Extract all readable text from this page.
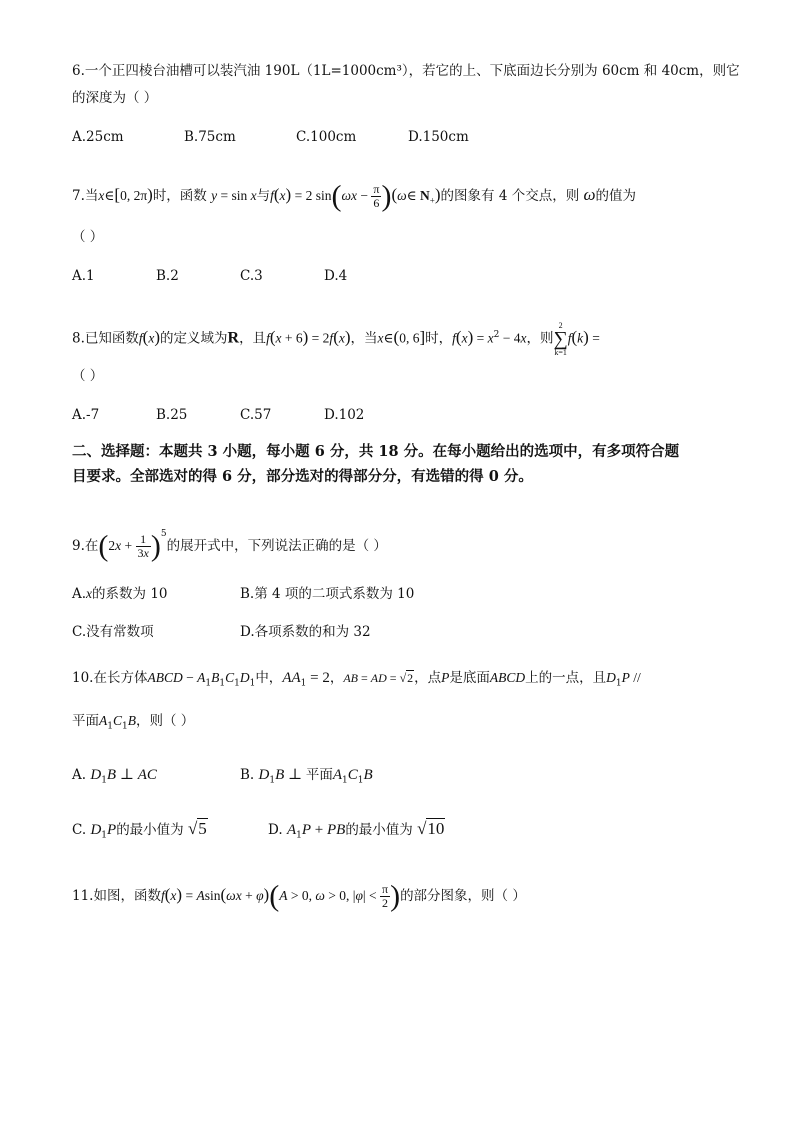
6.一个正四棱台油槽可以装汽油 190L（1L=1000cm³），若它的上、下底面边长分别为 60cm 和 40cm，则它
的深度为（ ）
A.25cm	B.75cm	C.100cm	D.150cm
7.当x∈[0, 2π)时，函数 y = sin x与f(x) = 2 $\sin(\omega x - \frac{\pi}{6}$ )(ω∈ $N_+$)的图象有 4 个交点，则 ω的值为
（ ）
A.1	B.2	C.3	D.4
8.已知函数f(x)的定义域为R，且f(x + 6) = 2f(x)，当x∈(0, 6]时，$f(x) = x^2 - 4x$，则
2
∑
k=1
f(k) =
（ ）
A.-7	B.25	C.57	D.102
二、选择题：本题共 3 小题，每小题 6 分，共 18 分。在每小题给出的选项中，有多项符合题
目要求。全部选对的得 6 分，部分选对的得部分分，有选错的得 0 分。
9.在$(2x + \frac{1}{3x} )^5$的展开式中，下列说法正确的是（ ）
A.x的系数为 10	B.第 4 项的二项式系数为 10
C.没有常数项	D.各项系数的和为 32
10.在长方体ABCD − $A_1B_1C_1D_1$中，$AA_1 = 2$，AB = AD = √2，点P是底面ABCD上的一点，且$D_1P$ //
平面$A_1C_1B$，则（ ）
A. $D_1B$ ⊥ AC	B. $D_1B$ ⊥ 平面$A_1C_1B$
C. $D_1P$的最小值为 √5	D. $A_1P$ + PB的最小值为 √10
11.如图，函数f(x) = Asin(ωx + φ)(A > 0, ω > 0, $|\varphi| < \frac{\pi}{2}$ )的部分图象，则（ ）
